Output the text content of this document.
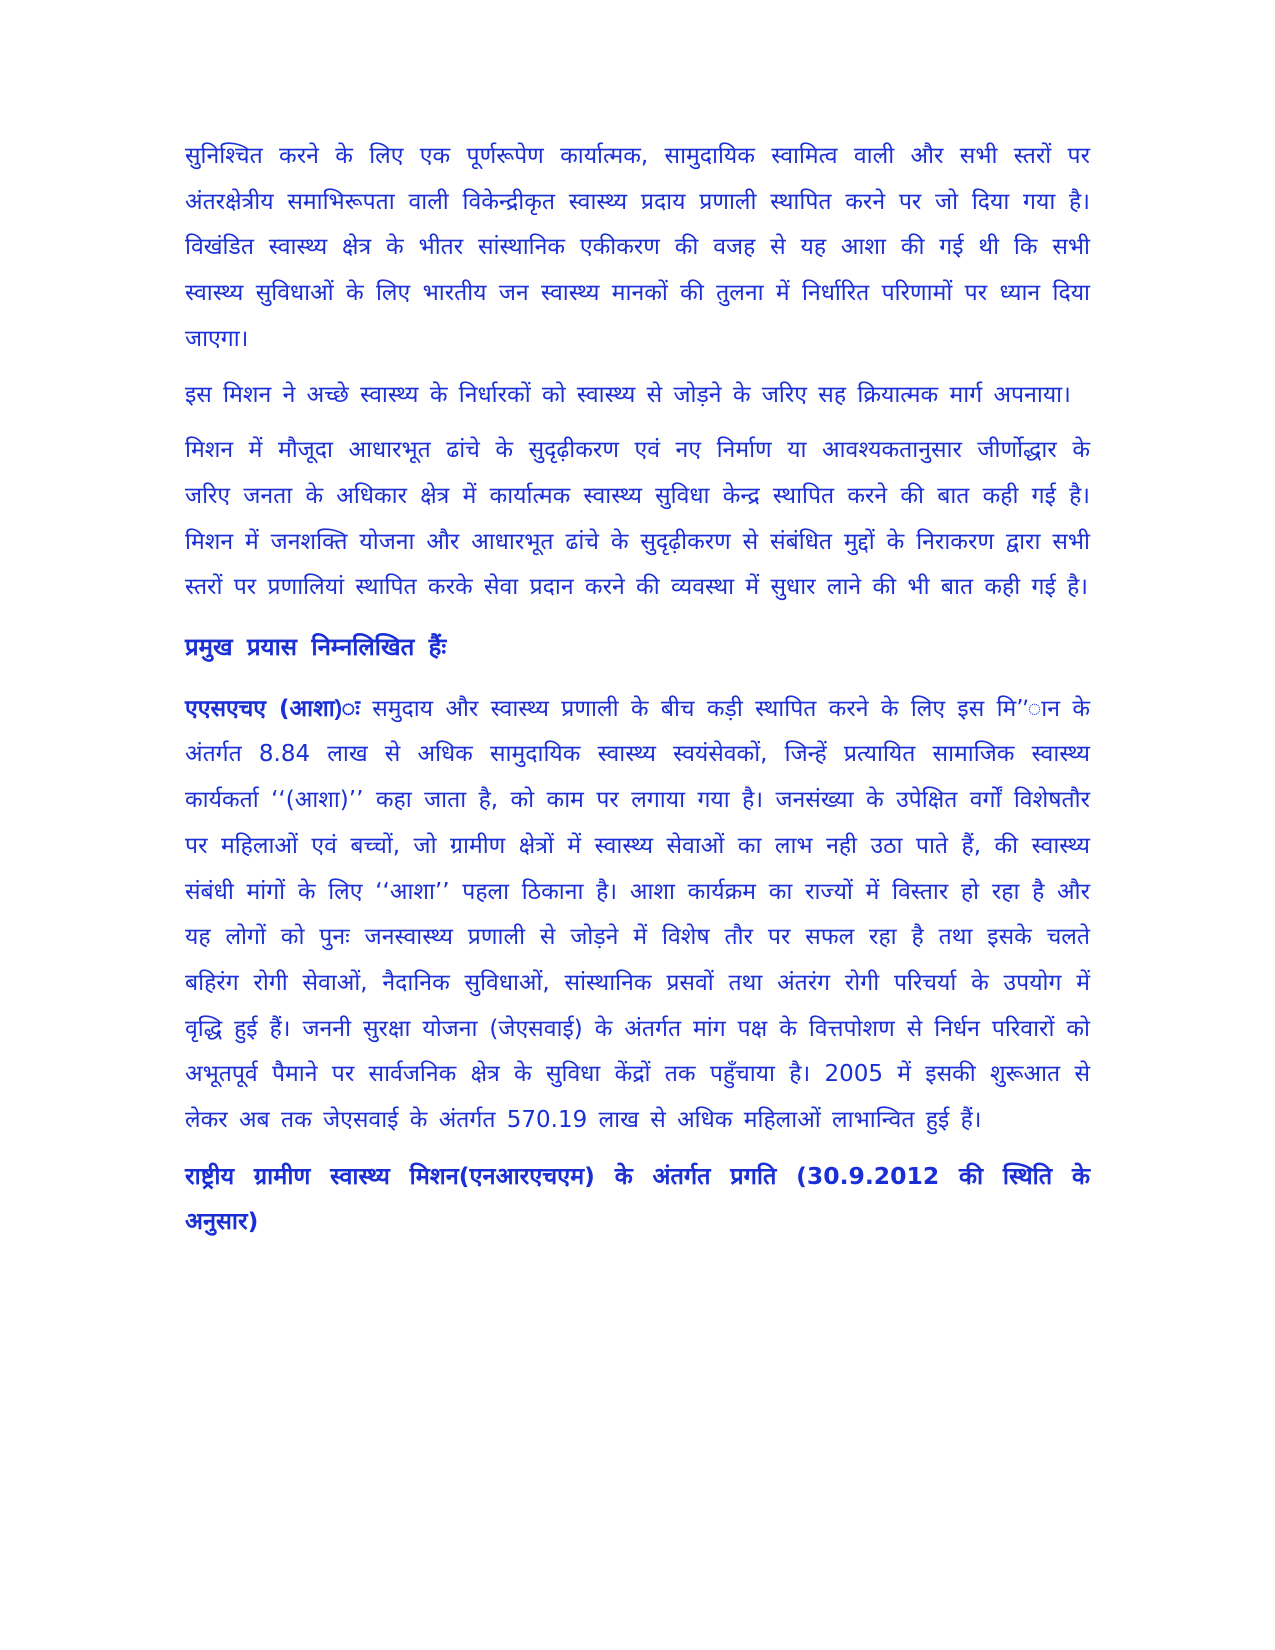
सुनिश्चित करने के लिए एक पूर्णरूपेण कार्यात्मक, सामुदायिक स्वामित्व वाली और सभी स्तरों पर अंतरक्षेत्रीय समाभिरूपता वाली विकेन्द्रीकृत स्वास्थ्य प्रदाय प्रणाली स्थापित करने पर जो दिया गया है। विखंडित स्वास्थ्य क्षेत्र के भीतर सांस्थानिक एकीकरण की वजह से यह आशा की गई थी कि सभी स्वास्थ्य सुविधाओं के लिए भारतीय जन स्वास्थ्य मानकों की तुलना में निर्धारित परिणामों पर ध्यान दिया जाएगा।

इस मिशन ने अच्छे स्वास्थ्य के निर्धारकों को स्वास्थ्य से जोड़ने के जरिए सह क्रियात्मक मार्ग अपनाया।

मिशन में मौजूदा आधारभूत ढांचे के सुदृढ़ीकरण एवं नए निर्माण या आवश्यकतानुसार जीर्णोद्धार के जरिए जनता के अधिकार क्षेत्र में कार्यात्मक स्वास्थ्य सुविधा केन्द्र स्थापित करने की बात कही गई है। मिशन में जनशक्ति योजना और आधारभूत ढांचे के सुदृढ़ीकरण से संबंधित मुद्दों के निराकरण द्वारा सभी स्तरों पर प्रणालियां स्थापित करके सेवा प्रदान करने की व्यवस्था में सुधार लाने की भी बात कही गई है।

प्रमुख प्रयास निम्नलिखित हैंः

एएसएचए (आशा)ः समुदाय और स्वास्थ्य प्रणाली के बीच कड़ी स्थापित करने के लिए इस मि’’ान के अंतर्गत 8.84 लाख से अधिक सामुदायिक स्वास्थ्य स्वयंसेवकों, जिन्हें प्रत्यायित सामाजिक स्वास्थ्य कार्यकर्ता ‘‘(आशा)’’ कहा जाता है, को काम पर लगाया गया है। जनसंख्या के उपेक्षित वर्गों विशेषतौर पर महिलाओं एवं बच्चों, जो ग्रामीण क्षेत्रों में स्वास्थ्य सेवाओं का लाभ नही उठा पाते हैं, की स्वास्थ्य संबंधी मांगों के लिए ‘‘आशा’’ पहला ठिकाना है। आशा कार्यक्रम का राज्यों में विस्तार हो रहा है और यह लोगों को पुनः जनस्वास्थ्य प्रणाली से जोड़ने में विशेष तौर पर सफल रहा है तथा इसके चलते बहिरंग रोगी सेवाओं, नैदानिक सुविधाओं, सांस्थानिक प्रसवों तथा अंतरंग रोगी परिचर्या के उपयोग में वृद्धि हुई हैं। जननी सुरक्षा योजना (जेएसवाई) के अंतर्गत मांग पक्ष के वित्तपोशण से निर्धन परिवारों को अभूतपूर्व पैमाने पर सार्वजनिक क्षेत्र के सुविधा केंद्रों तक पहुँचाया है। 2005 में इसकी शुरूआत से लेकर अब तक जेएसवाई के अंतर्गत 570.19 लाख से अधिक महिलाओं लाभान्वित हुई हैं।

राष्ट्रीय ग्रामीण स्वास्थ्य मिशन(एनआरएचएम) के अंतर्गत प्रगति (30.9.2012 की स्थिति के अनुसार)
